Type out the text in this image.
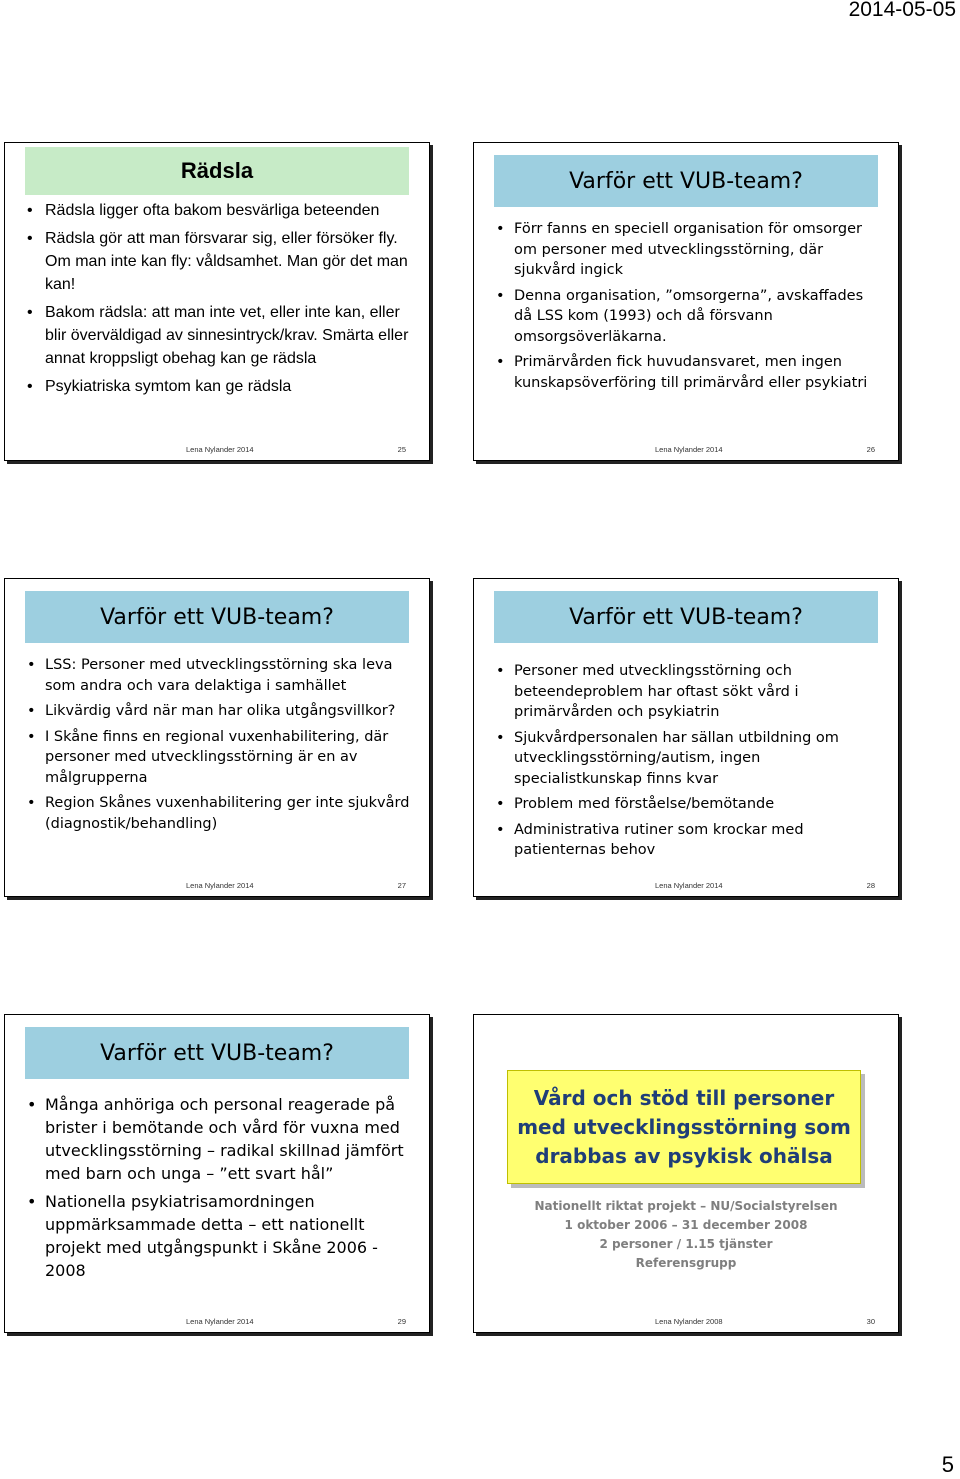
2014-05-05
Rädsla
• Rädsla ligger ofta bakom besvärliga beteenden
• Rädsla gör att man försvarar sig, eller försöker fly. Om man inte kan fly: våldsamhet. Man gör det man kan!
• Bakom rädsla: att man inte vet, eller inte kan, eller blir överväldigad av sinnesintryck/krav. Smärta eller annat kroppsligt obehag kan ge rädsla
• Psykiatriska symtom kan ge rädsla
Lena Nylander 2014	25
Varför ett VUB-team?
• Förr fanns en speciell organisation för omsorger om personer med utvecklingsstörning, där sjukvård ingick
• Denna organisation, ”omsorgerna”, avskaffades då LSS kom (1993) och då försvann omsorgsöverläkarna.
• Primärvården fick huvudansvaret, men ingen kunskapsöverföring till primärvård eller psykiatri
Lena Nylander 2014	26
Varför ett VUB-team?
• LSS: Personer med utvecklingsstörning ska leva som andra och vara delaktiga i samhället
• Likvärdig vård när man har olika utgångsvillkor?
• I Skåne finns en regional vuxenhabilitering, där personer med utvecklingsstörning är en av målgrupperna
• Region Skånes vuxenhabilitering ger inte sjukvård (diagnostik/behandling)
Lena Nylander 2014	27
Varför ett VUB-team?
• Personer med utvecklingsstörning och beteendeproblem har oftast sökt vård i primärvården och psykiatrin
• Sjukvårdpersonalen har sällan utbildning om utvecklingsstörning/autism, ingen specialistkunskap finns kvar
• Problem med förståelse/bemötande
• Administrativa rutiner som krockar med patienternas behov
Lena Nylander 2014	28
Varför ett VUB-team?
• Många anhöriga och personal reagerade på brister i bemötande och vård för vuxna med utvecklingsstörning – radikal skillnad jämfört med barn och unga – ”ett svart hål”
• Nationella psykiatrisamordningen uppmärksammade detta – ett nationellt projekt med utgångspunkt i Skåne 2006 - 2008
Lena Nylander 2014	29
Vård och stöd till personer med utvecklingsstörning som drabbas av psykisk ohälsa
Nationellt riktat projekt – NU/Socialstyrelsen
1 oktober 2006 – 31 december 2008
2 personer / 1.15 tjänster
Referensgrupp
Lena Nylander 2008	30
5
